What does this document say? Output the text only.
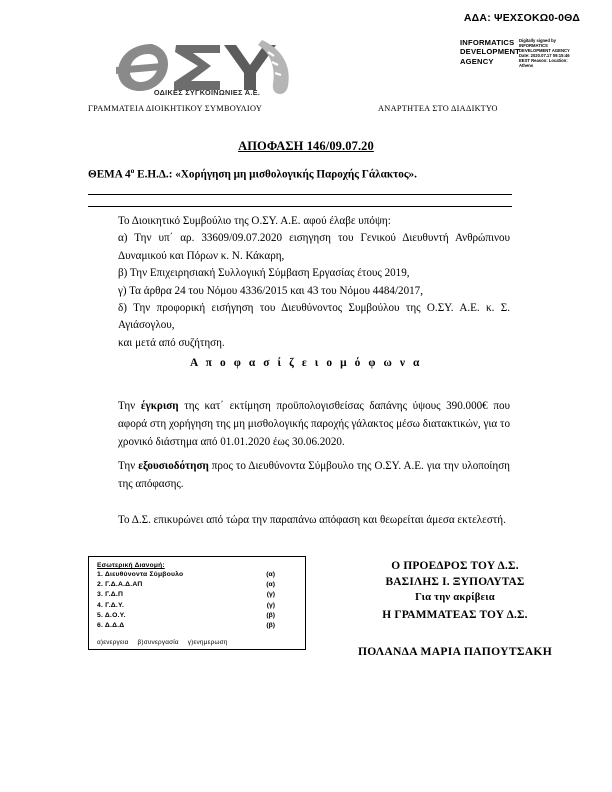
ΑΔΑ: ΨΕΧΣΟΚΩ0-0ΘΔ
ΟΔΙΚΕΣ ΣΥΓΚΟΙΝΩΝΙΕΣ Α.Ε.
INFORMATICS DEVELOPMENT AGENCY
Digitally signed by INFORMATICS DEVELOPMENT AGENCY Date: 2020.07.17 09:15:46 EEST Reason: Location: Athens
ΓΡΑΜΜΑΤΕΙΑ ΔΙΟΙΚΗΤΙΚΟΥ ΣΥΜΒΟΥΛΙΟΥ	ΑΝΑΡΤΗΤΕΑ ΣΤΟ ΔΙΑΔΙΚΤΥΟ
ΑΠΟΦΑΣΗ 146/09.07.20
ΘΕΜΑ $4^o$ Ε.Η.Δ.: «Χορήγηση μη μισθολογικής Παροχής Γάλακτος».
Το Διοικητικό Συμβούλιο της Ο.ΣΥ. Α.Ε. αφού έλαβε υπόψη:
α) Την υπ΄ αρ. 33609/09.07.2020 εισηγηση του Γενικού Διευθυντή Ανθρώπινου Δυναμικού και Πόρων κ. Ν. Κάκαρη,
β) Την Επιχειρησιακή Συλλογική Σύμβαση Εργασίας έτους 2019,
γ) Τα άρθρα 24 του Νόμου 4336/2015 και 43 του Νόμου 4484/2017,
δ) Την προφορική εισήγηση του Διευθύνοντος Συμβούλου της Ο.ΣΥ. Α.Ε. κ. Σ. Αγιάσογλου,
και μετά από συζήτηση.
Α π ο φ α σ ί ζ ε ι ο μ ό φ ω ν α
Την έγκριση της κατ΄ εκτίμηση προϋπολογισθείσας δαπάνης ύψους 390.000€ που αφορά στη χορήγηση της μη μισθολογικής παροχής γάλακτος μέσω διατακτικών, για το χρονικό διάστημα από 01.01.2020 έως 30.06.2020.
Την εξουσιοδότηση προς το Διευθύνοντα Σύμβουλο της Ο.ΣΥ. Α.Ε. για την υλοποίηση της απόφασης.
Το Δ.Σ. επικυρώνει από τώρα την παραπάνω απόφαση και θεωρείται άμεσα εκτελεστή.
Εσωτερική Διανομή:
1. Διευθύνοντα Σύμβουλο	(α)
2. Γ.Δ.Α.Δ.ΑΠ	(α)
3. Γ.Δ.Π	(γ)
4. Γ.Δ.Υ.	(γ)
5. Δ.Ο.Υ.	(β)
6. Δ.Δ.Δ	(β)
α)ενεργεια β)συνεργασία γ)ενημερωση
Ο ΠΡΟΕΔΡΟΣ ΤΟΥ Δ.Σ.
ΒΑΣΙΛΗΣ Ι. ΞΥΠΟΛΥΤΑΣ
Για την ακρίβεια
Η ΓΡΑΜΜΑΤΕΑΣ ΤΟΥ Δ.Σ.
ΠΟΛΑΝΔΑ ΜΑΡΙΑ ΠΑΠΟΥΤΣΑΚΗ
